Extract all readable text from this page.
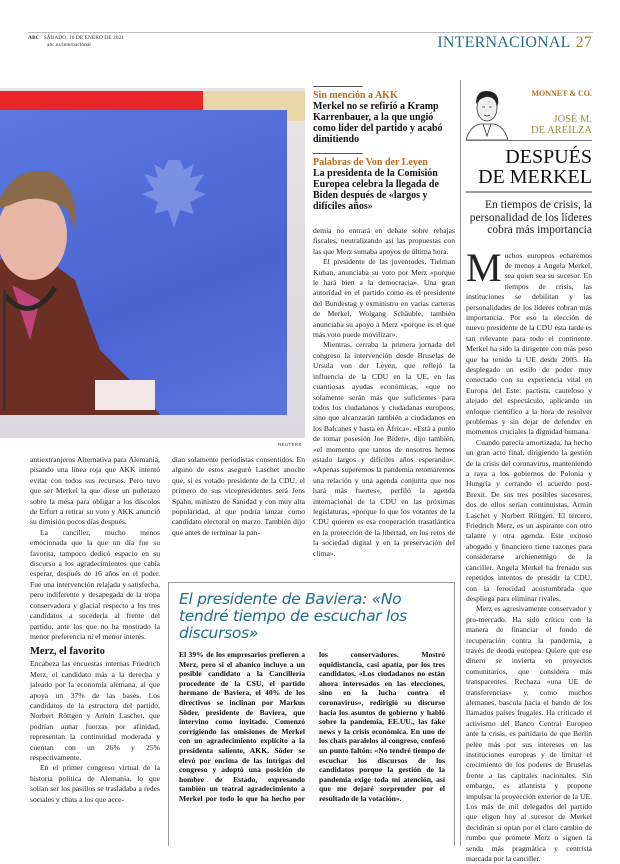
ABC SÁBADO, 16 DE ENERO DE 2021
abc.es/internacional	INTERNACIONAL 27
REUTERS
Sin mención a AKK
Merkel no se refirió a Kramp Karrenbauer, a la que ungió como líder del partido y acabó dimitiendo
Palabras de Von der Leyen
La presidenta de la Comisión Europea celebra la llegada de Biden después de «largos y difíciles años»

demia no entrará en debate sobre rebajas fiscales, neutralizando así las propuestas con las que Merz sumaba apoyos de última hora.

El presidente de las juventudes, Tielman Kuban, anunciaba su voto por Merz «porque le hará bien a la democracia». Una gran autoridad en el partido como es el presidente del Bundestag y exministro en varias carteras de Merkel, Wolgang Schäuble, también anunciaba su apoyo a Merz «porque es el que más voto puede movilizar».

Mientras, cerraba la primera jornada del congreso la intervención desde Bruselas de Ursula von der Leyen, que reflejó la influencia de la CDU en la UE, en las cuantiosas ayudas económicas, «que no solamente serán más que suficientes para todos los ciudadanos y ciudadanas europeos, sino que alcanzarán también a ciudadanos en los Balcanes y hasta en África». «Está a punto de tomar posesión Joe Biden», dijo también, «el momento que tantos de nosotros hemos estado largos y difíciles años esperando». «Apenas superemos la pandemia retomaremos una relación y una agenda conjunta que nos hará más fuertes», perfiló la agenda internacional de la CDU en las próximas legislaturas, «porque lo que los votantes de la CDU quieren es esa cooperación trasatlántica en la protección de la libertad, en los retos de la sociedad digital y en la preservación del clima».

antiextranjeros Alternativa para Alemania, pisando una línea roja que AKK intentó evitar con todos sus recursos. Pero tuvo que ser Merkel la que diese un puñetazo sobre la mesa para obligar a los díscolos de Erfurt a retirar su voto y AKK anunció su dimisión pocos días después.

La canciller, mucho menos emocionada que la que un día fue su favorita, tampoco dedicó espacio en su discurso a los agradecimientos que cabía esperar, después de 16 años en el poder. Fue una intervención relajada y satisfecha, pero indiferente y desapegada de la tropa conservadora y glacial respecto a los tres candidatos a sucederla al frente del partido, ante los que no ha mostrado la menor preferencia ni el menor interés.

Merz, el favorito

Encabeza las encuestas internas Friedrich Merz, el candidato más a la derecha y jaleado por la economía alemana, al que apoya un 37% de las bases. Los candidatos de la estructura del partido, Norbert Röttgen y Armin Laschet, que podrían aunar fuerzas por afinidad, representan la continuidad moderada y cuentan con un 26% y 25% respectivamente.

En el primer congreso virtual de la historia política de Alemania, lo que solían ser los pasillos se trasladaba a redes sociales y chats a los que acce-

dian solamente periodistas consentidos. En alguno de estos aseguró Laschet anoche que, si es votado presidente de la CDU, el primero de sus vicepresidentes será Jens Spahn, ministro de Sanidad y con muy alta popularidad, al que podría lanzar como candidato electoral en marzo. También dijo que antes de terminar la pan-

El presidente de Baviera: «No tendré tiempo de escuchar los discursos»
El 39% de los empresarios prefieren a Merz, pero si el abanico incluye a un posible candidato a la Cancillería procedente de la CSU, el partido hermano de Baviera, el 40% de los directivos se inclinan por Markus Söder, presidente de Baviera, que intervino como invitado. Comenzó corrigiendo las omisiones de Merkel con un agradecimiento explícito a la presidenta saliente, AKK. Söder se elevó por encima de las intrigas del congreso y adoptó una posición de hombre de Estado, expresando también un teatral agradecimiento a Merkel por todo lo que ha hecho por los conservadores. Mostró equidistancia, casi apatía, por los tres candidatos. «Los ciudadanos no están ahora interesados en las elecciones, sino en la lucha contra el coronavirus», redirigió su discurso hacia los asuntos de gobierno y habló sobre la pandemia, EE.UU., las fake news y la crisis económica. En uno de los chats paralelos al congreso, confesó un punto faltón: «No tendré tiempo de escuchar los discursos de los candidatos porque la gestión de la pandemia exige toda mi atención, así que me dejaré sorprender por el resultado de la votación».
MONNET & CO.
JOSÉ M.
DE AREILZA
DESPUÉS
DE MERKEL
En tiempos de crisis, la personalidad de los líderes cobra más importancia

Muchos europeos echaremos de menos a Angela Merkel, sea quien sea su sucesor. En tiempos de crisis, las instituciones se debilitan y las personalidades de los líderes cobran más importancia. Por eso la elección de nuevo presidente de la CDU esta tarde es tan relevante para todo el continente. Merkel ha sido la dirigente con más peso que ha tenido la UE desde 2005. Ha desplegado un estilo de poder muy conectado con su experiencia vital en Europa del Este: pactista, cauteloso y alejado del espectáculo, aplicando un enfoque científico a la hora de resolver problemas y sin dejar de defender en momentos cruciales la dignidad humana.

Cuando parecía amortizada, ha hecho un gran acto final, dirigiendo la gestión de la crisis del coronavirus, manteniendo a raya a los gobiernos de Polonia y Hungría y cerrando el acuerdo post-Brexit. De sus tres posibles sucesores, dos de ellos serían continuistas, Armin Laschet y Norbert Röttgen. El tercero, Friedrich Merz, es un aspirante con otro talante y otra agenda. Este exitoso abogado y financiero tiene razones para considerarse archienemigo de la canciller. Angela Merkel ha frenado sus repetidos intentos de presidir la CDU, con la ferocidad acostumbrada que despliega para eliminar rivales.

Merz es agresivamente conservador y pro-mercado. Ha sido crítico con la manera de financiar el fondo de recuperación contra la pandemia, a través de deuda europea. Quiere que ese dinero se invierta en proyectos comunitarios, que considera más transparentes. Rechaza «una UE de transferencias» y, como muchos alemanes, bascula hacia el bando de los llamados países frugales. Ha criticado el activismo del Banco Central Europeo ante la crisis, es partidario de que Berlín pelee más por sus intereses en las instituciones europeas y de limitar el crecimiento de los poderes de Bruselas frente a las capitales nacionales. Sin embargo, es atlantista y propone impulsar la proyección exterior de la UE. Los más de mil delegados del partido que eligen hoy al sucesor de Merkel decidirán si optan por el claro cambio de rumbo que promete Merz o siguen la senda más pragmática y centrista marcada por la canciller.
